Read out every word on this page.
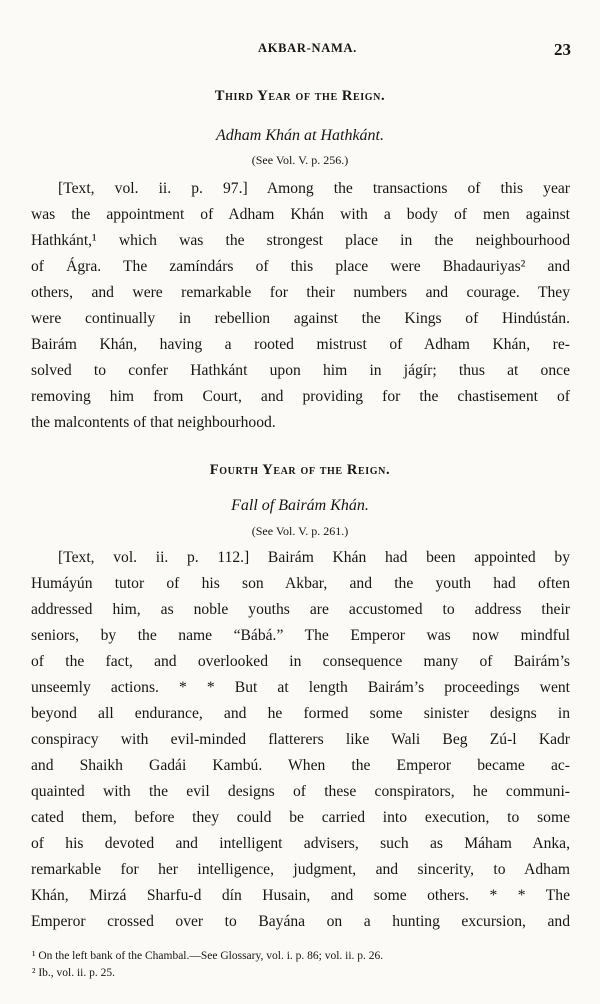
AKBAR-NAMA.	23
Third Year of the Reign.
Adham Khán at Hathkánt.
(See Vol. V. p. 256.)
[Text, vol. ii. p. 97.] Among the transactions of this year
was the appointment of Adham Khán with a body of men against
Hathkánt,¹ which was the strongest place in the neighbourhood
of Ágra. The zamíndárs of this place were Bhadauriyas² and
others, and were remarkable for their numbers and courage. They
were continually in rebellion against the Kings of Hindústán.
Bairám Khán, having a rooted mistrust of Adham Khán, re-
solved to confer Hathkánt upon him in jágír; thus at once
removing him from Court, and providing for the chastisement of
the malcontents of that neighbourhood.
Fourth Year of the Reign.
Fall of Bairám Khán.
(See Vol. V. p. 261.)
[Text, vol. ii. p. 112.] Bairám Khán had been appointed by
Humáyún tutor of his son Akbar, and the youth had often
addressed him, as noble youths are accustomed to address their
seniors, by the name “Bábá.” The Emperor was now mindful
of the fact, and overlooked in consequence many of Bairám’s
unseemly actions. * * But at length Bairám’s proceedings went
beyond all endurance, and he formed some sinister designs in
conspiracy with evil-minded flatterers like Wali Beg Zú-l Kadr
and Shaikh Gadái Kambú. When the Emperor became ac-
quainted with the evil designs of these conspirators, he communi-
cated them, before they could be carried into execution, to some
of his devoted and intelligent advisers, such as Máham Anka,
remarkable for her intelligence, judgment, and sincerity, to Adham
Khán, Mirzá Sharfu-d dín Husain, and some others. * * The
Emperor crossed over to Bayána on a hunting excursion, and
¹ On the left bank of the Chambal.—See Glossary, vol. i. p. 86; vol. ii. p. 26.
² Ib., vol. ii. p. 25.
